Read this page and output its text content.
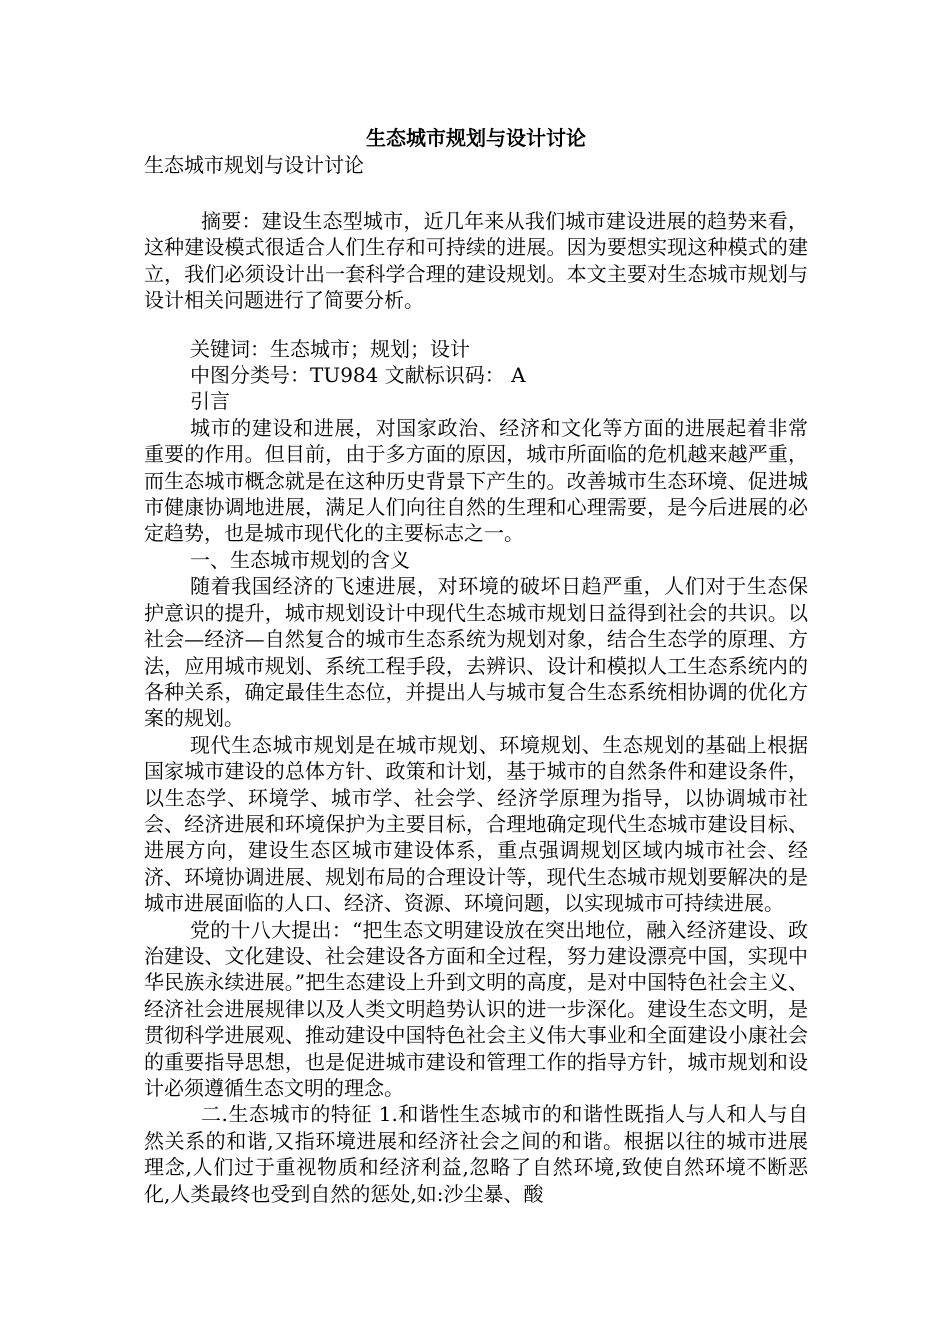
生态城市规划与设计讨论

生态城市规划与设计讨论

摘要：建设生态型城市，近几年来从我们城市建设进展的趋势来看，这种建设模式很适合人们生存和可持续的进展。因为要想实现这种模式的建立，我们必须设计出一套科学合理的建设规划。本文主要对生态城市规划与设计相关问题进行了简要分析。

关键词：生态城市；规划；设计

中图分类号：TU984 文献标识码： A

引言

城市的建设和进展，对国家政治、经济和文化等方面的进展起着非常重要的作用。但目前，由于多方面的原因，城市所面临的危机越来越严重，而生态城市概念就是在这种历史背景下产生的。改善城市生态环境、促进城市健康协调地进展，满足人们向往自然的生理和心理需要，是今后进展的必定趋势，也是城市现代化的主要标志之一。

一、生态城市规划的含义

随着我国经济的飞速进展，对环境的破坏日趋严重，人们对于生态保护意识的提升，城市规划设计中现代生态城市规划日益得到社会的共识。以社会—经济—自然复合的城市生态系统为规划对象，结合生态学的原理、方法，应用城市规划、系统工程手段，去辨识、设计和模拟人工生态系统内的各种关系，确定最佳生态位，并提出人与城市复合生态系统相协调的优化方案的规划。

现代生态城市规划是在城市规划、环境规划、生态规划的基础上根据国家城市建设的总体方针、政策和计划，基于城市的自然条件和建设条件，以生态学、环境学、城市学、社会学、经济学原理为指导，以协调城市社会、经济进展和环境保护为主要目标，合理地确定现代生态城市建设目标、进展方向，建设生态区城市建设体系，重点强调规划区域内城市社会、经济、环境协调进展、规划布局的合理设计等，现代生态城市规划要解决的是城市进展面临的人口、经济、资源、环境问题，以实现城市可持续进展。

党的十八大提出：“把生态文明建设放在突出地位，融入经济建设、政治建设、文化建设、社会建设各方面和全过程，努力建设漂亮中国，实现中华民族永续进展。”把生态建设上升到文明的高度，是对中国特色社会主义、经济社会进展规律以及人类文明趋势认识的进一步深化。建设生态文明，是贯彻科学进展观、推动建设中国特色社会主义伟大事业和全面建设小康社会的重要指导思想，也是促进城市建设和管理工作的指导方针，城市规划和设计必须遵循生态文明的理念。

二.生态城市的特征 1.和谐性生态城市的和谐性既指人与人和人与自然关系的和谐,又指环境进展和经济社会之间的和谐。根据以往的城市进展理念,人们过于重视物质和经济利益,忽略了自然环境,致使自然环境不断恶化,人类最终也受到自然的惩处,如:沙尘暴、酸
